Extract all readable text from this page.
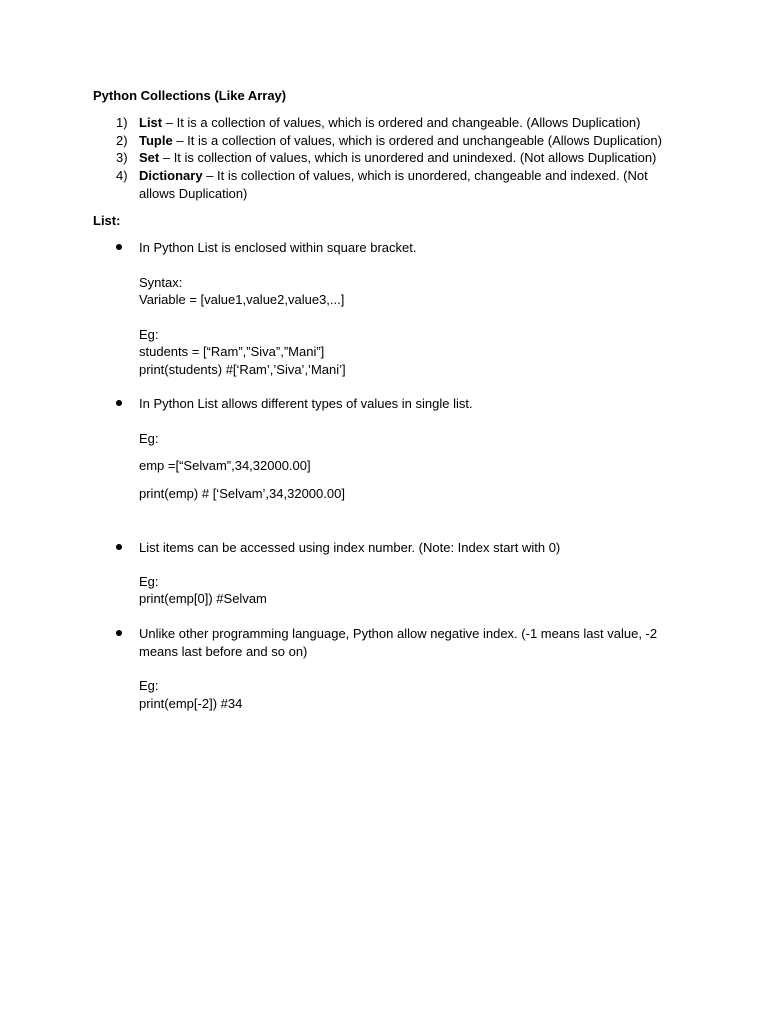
Python Collections (Like Array)
1) List – It is a collection of values, which is ordered and changeable. (Allows Duplication)
2) Tuple – It is a collection of values, which is ordered and unchangeable (Allows Duplication)
3) Set – It is collection of values, which is unordered and unindexed. (Not allows Duplication)
4) Dictionary – It is collection of values, which is unordered, changeable and indexed. (Not
allows Duplication)
List:
In Python List is enclosed within square bracket.
Syntax:
Variable = [value1,value2,value3,...]
Eg:
students = [“Ram”,”Siva”,”Mani”]
print(students) #[‘Ram’,’Siva’,’Mani’]
In Python List allows different types of values in single list.
Eg:
emp =[“Selvam”,34,32000.00]
print(emp) # [‘Selvam’,34,32000.00]
List items can be accessed using index number. (Note: Index start with 0)
Eg:
print(emp[0]) #Selvam
Unlike other programming language, Python allow negative index. (-1 means last value, -2
means last before and so on)
Eg:
print(emp[-2]) #34
